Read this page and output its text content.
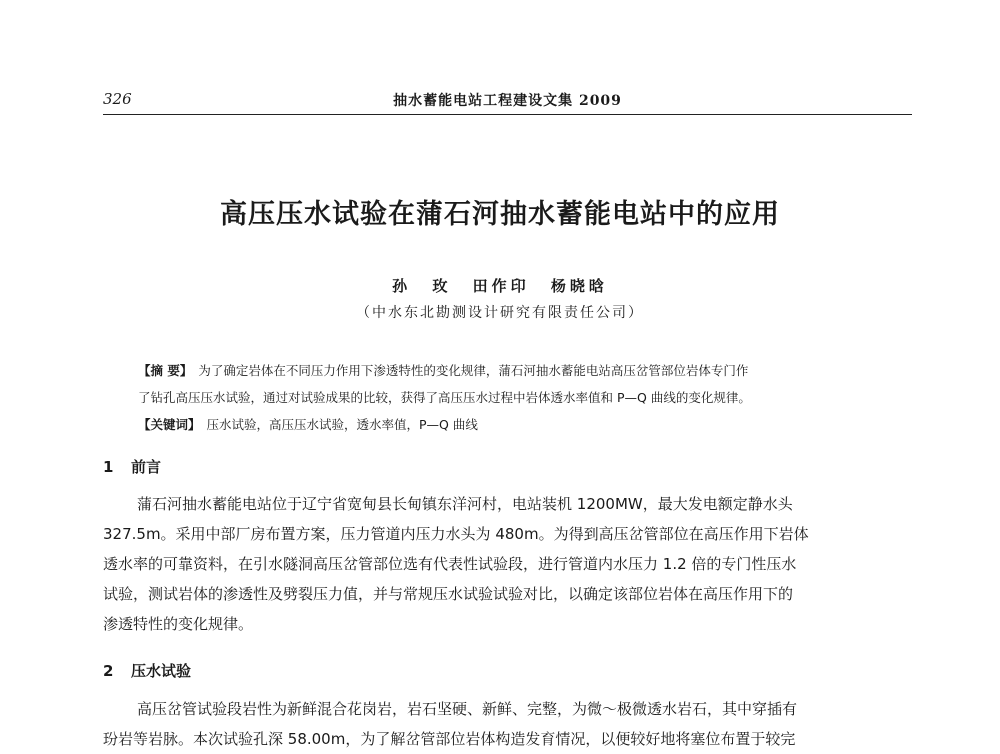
326	抽水蓄能电站工程建设文集 2009
高压压水试验在蒲石河抽水蓄能电站中的应用
孙 玫 田作印 杨晓晗
（中水东北勘测设计研究有限责任公司）
【摘 要】 为了确定岩体在不同压力作用下渗透特性的变化规律，蒲石河抽水蓄能电站高压岔管部位岩体专门作
了钻孔高压压水试验，通过对试验成果的比较，获得了高压压水过程中岩体透水率值和 P—Q 曲线的变化规律。
【关键词】 压水试验，高压压水试验，透水率值，P—Q 曲线
1 前言
蒲石河抽水蓄能电站位于辽宁省宽甸县长甸镇东洋河村，电站装机 1200MW，最大发电额定静水头
327.5m。采用中部厂房布置方案，压力管道内压力水头为 480m。为得到高压岔管部位在高压作用下岩体
透水率的可靠资料，在引水隧洞高压岔管部位选有代表性试验段，进行管道内水压力 1.2 倍的专门性压水
试验，测试岩体的渗透性及劈裂压力值，并与常规压水试验试验对比，以确定该部位岩体在高压作用下的
渗透特性的变化规律。
2 压水试验
高压岔管试验段岩性为新鲜混合花岗岩，岩石坚硬、新鲜、完整，为微～极微透水岩石，其中穿插有
玢岩等岩脉。本次试验孔深 58.00m，为了解岔管部位岩体构造发育情况，以便较好地将塞位布置于较完
